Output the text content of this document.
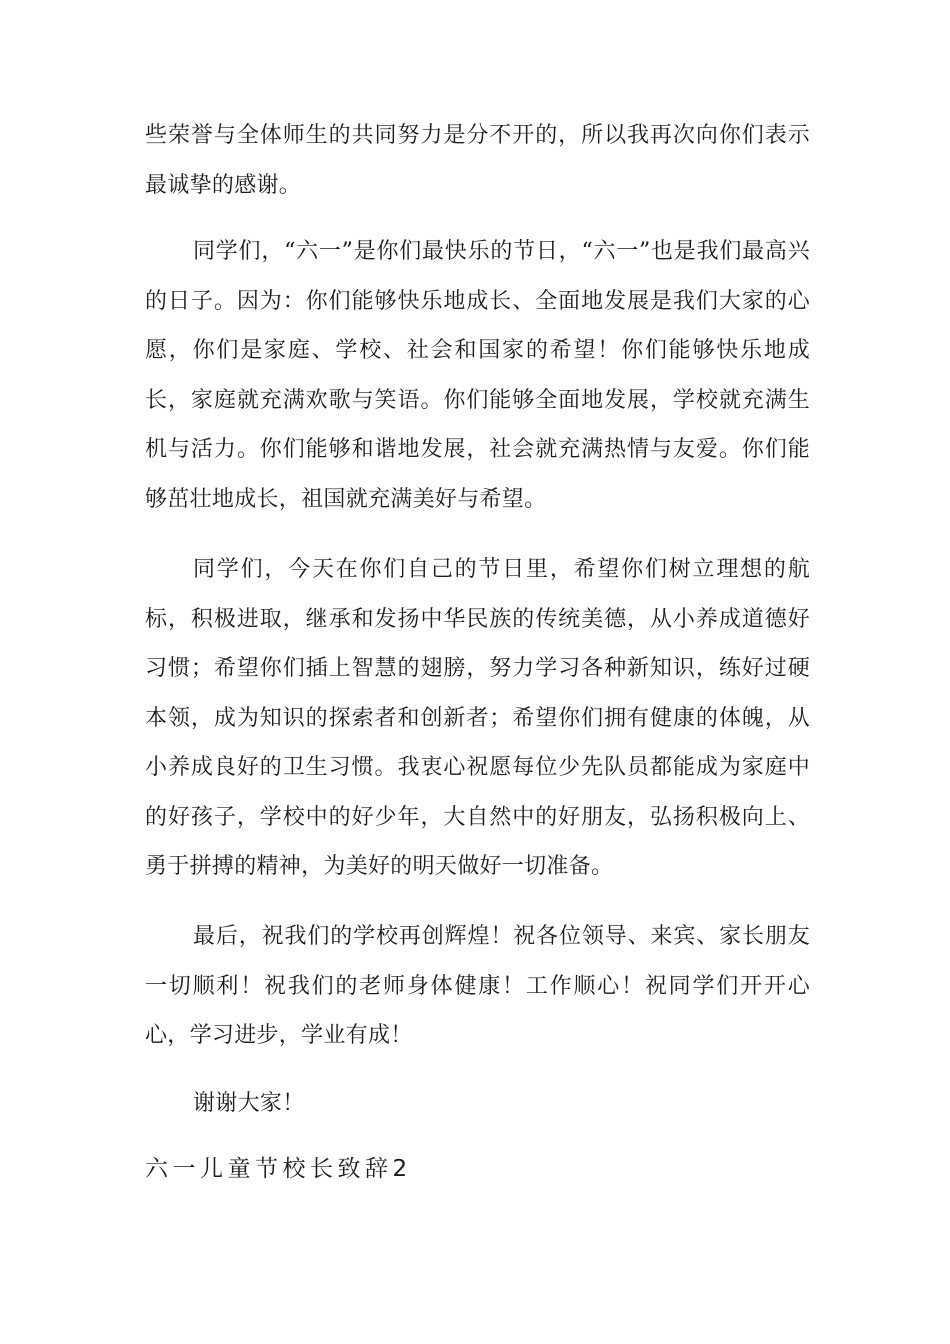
些荣誉与全体师生的共同努力是分不开的，所以我再次向你们表示最诚挚的感谢。

同学们，“六一”是你们最快乐的节日，“六一”也是我们最高兴的日子。因为：你们能够快乐地成长、全面地发展是我们大家的心愿，你们是家庭、学校、社会和国家的希望！你们能够快乐地成长，家庭就充满欢歌与笑语。你们能够全面地发展，学校就充满生机与活力。你们能够和谐地发展，社会就充满热情与友爱。你们能够茁壮地成长，祖国就充满美好与希望。

同学们，今天在你们自己的节日里，希望你们树立理想的航标，积极进取，继承和发扬中华民族的传统美德，从小养成道德好习惯；希望你们插上智慧的翅膀，努力学习各种新知识，练好过硬本领，成为知识的探索者和创新者；希望你们拥有健康的体魄，从小养成良好的卫生习惯。我衷心祝愿每位少先队员都能成为家庭中的好孩子，学校中的好少年，大自然中的好朋友，弘扬积极向上、勇于拼搏的精神，为美好的明天做好一切准备。

最后，祝我们的学校再创辉煌！祝各位领导、来宾、家长朋友一切顺利！祝我们的老师身体健康！工作顺心！祝同学们开开心心，学习进步，学业有成！

谢谢大家！

六一儿童节校长致辞2
